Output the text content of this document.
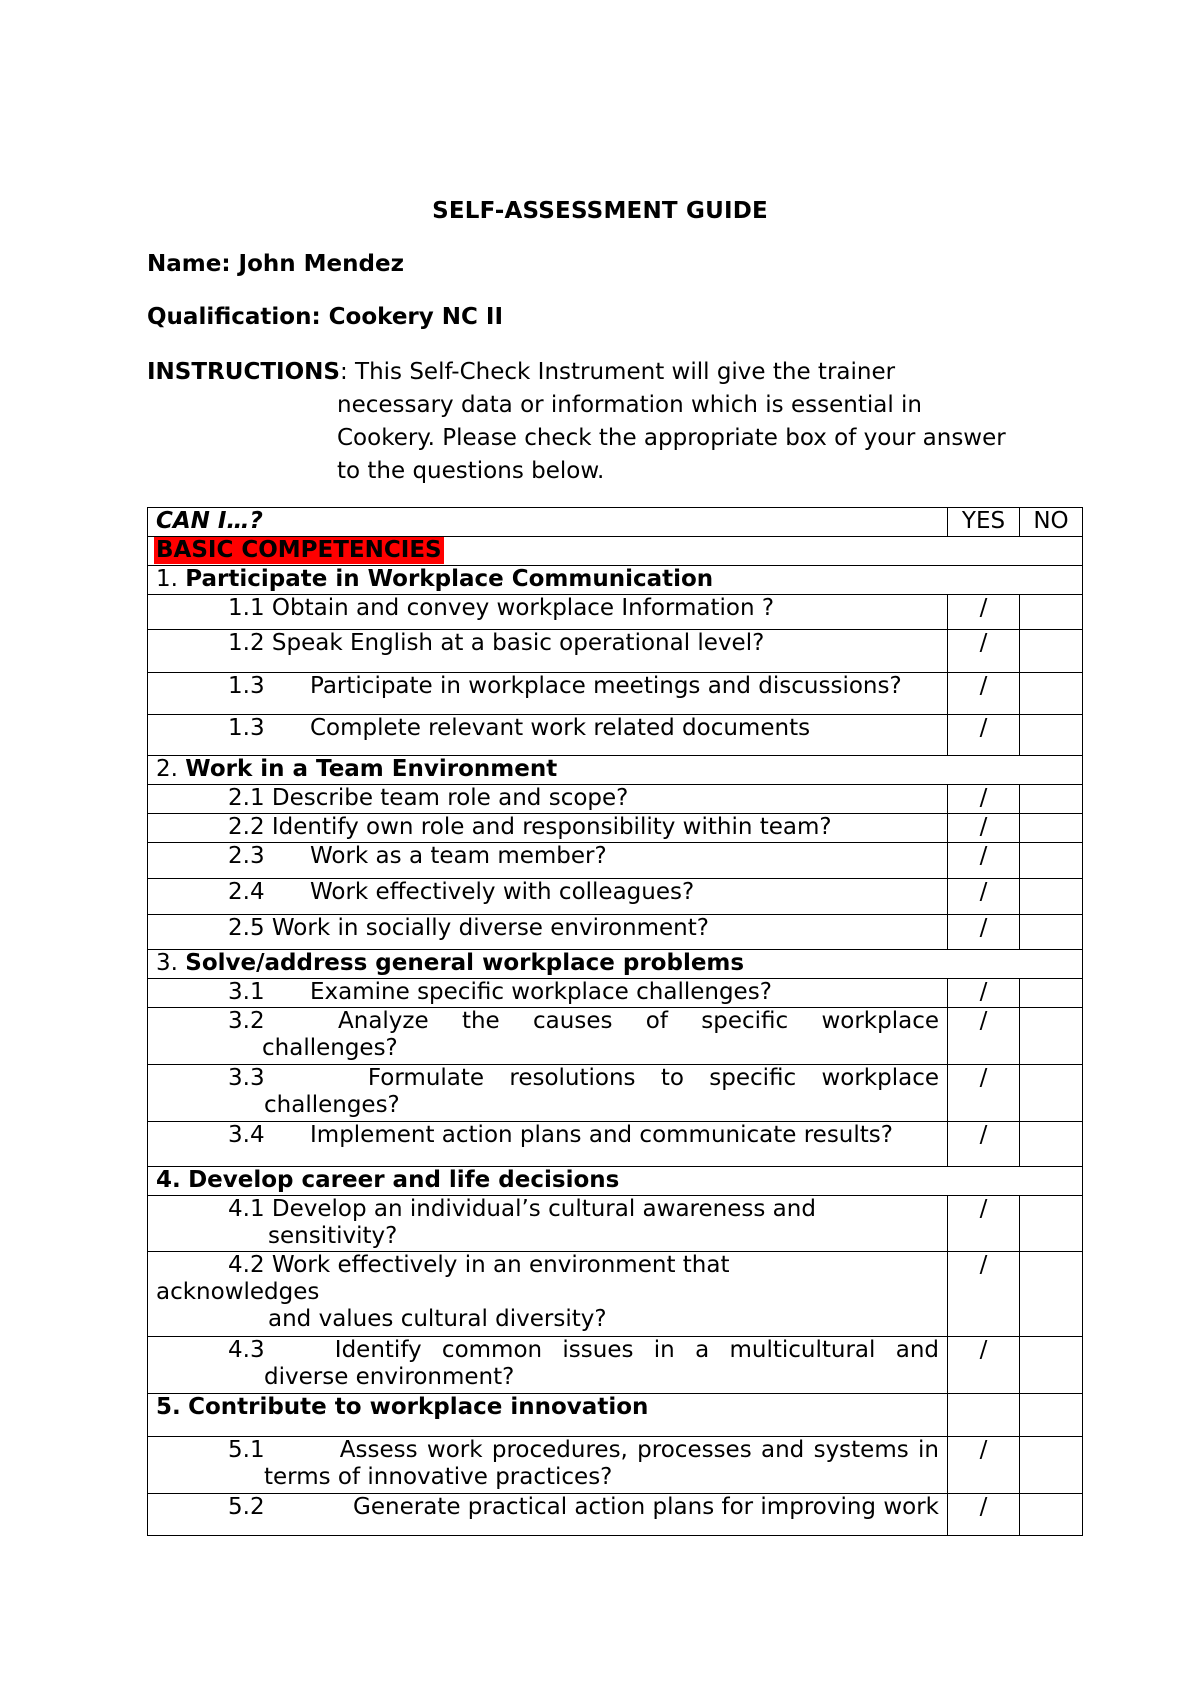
SELF-ASSESSMENT GUIDE
Name: John Mendez
Qualification: Cookery NC II
INSTRUCTIONS: This Self-Check Instrument will give the trainer
necessary data or information which is essential in
Cookery. Please check the appropriate box of your answer
to the questions below.
CAN I…?	YES	NO
BASIC COMPETENCIES		
1. Participate in Workplace Communication		
1.1 Obtain and convey workplace Information ?	/	
1.2 Speak English at a basic operational level?	/	
1.3 Participate in workplace meetings and discussions?	/	
1.3 Complete relevant work related documents	/	
2. Work in a Team Environment		
2.1 Describe team role and scope?	/	
2.2 Identify own role and responsibility within team?	/	
2.3 Work as a team member?	/	
2.4 Work effectively with colleagues?	/	
2.5 Work in socially diverse environment?	/	
3. Solve/address general workplace problems		
3.1 Examine specific workplace challenges?	/	

3.2 Analyze the causes of specific workplace
challenges?	/	

3.3 Formulate resolutions to specific workplace
challenges?	/	
3.4 Implement action plans and communicate results?	/	
4. Develop career and life decisions		
4.1 Develop an individual’s cultural awareness and
sensitivity?	/	

4.2 Work effectively in an environment that
acknowledges
and values cultural diversity?	/	

4.3 Identify common issues in a multicultural and
diverse environment?	/	
5. Contribute to workplace innovation		

5.1 Assess work procedures, processes and systems in
terms of innovative practices?	/	

5.2 Generate practical action plans for improving work	/	
